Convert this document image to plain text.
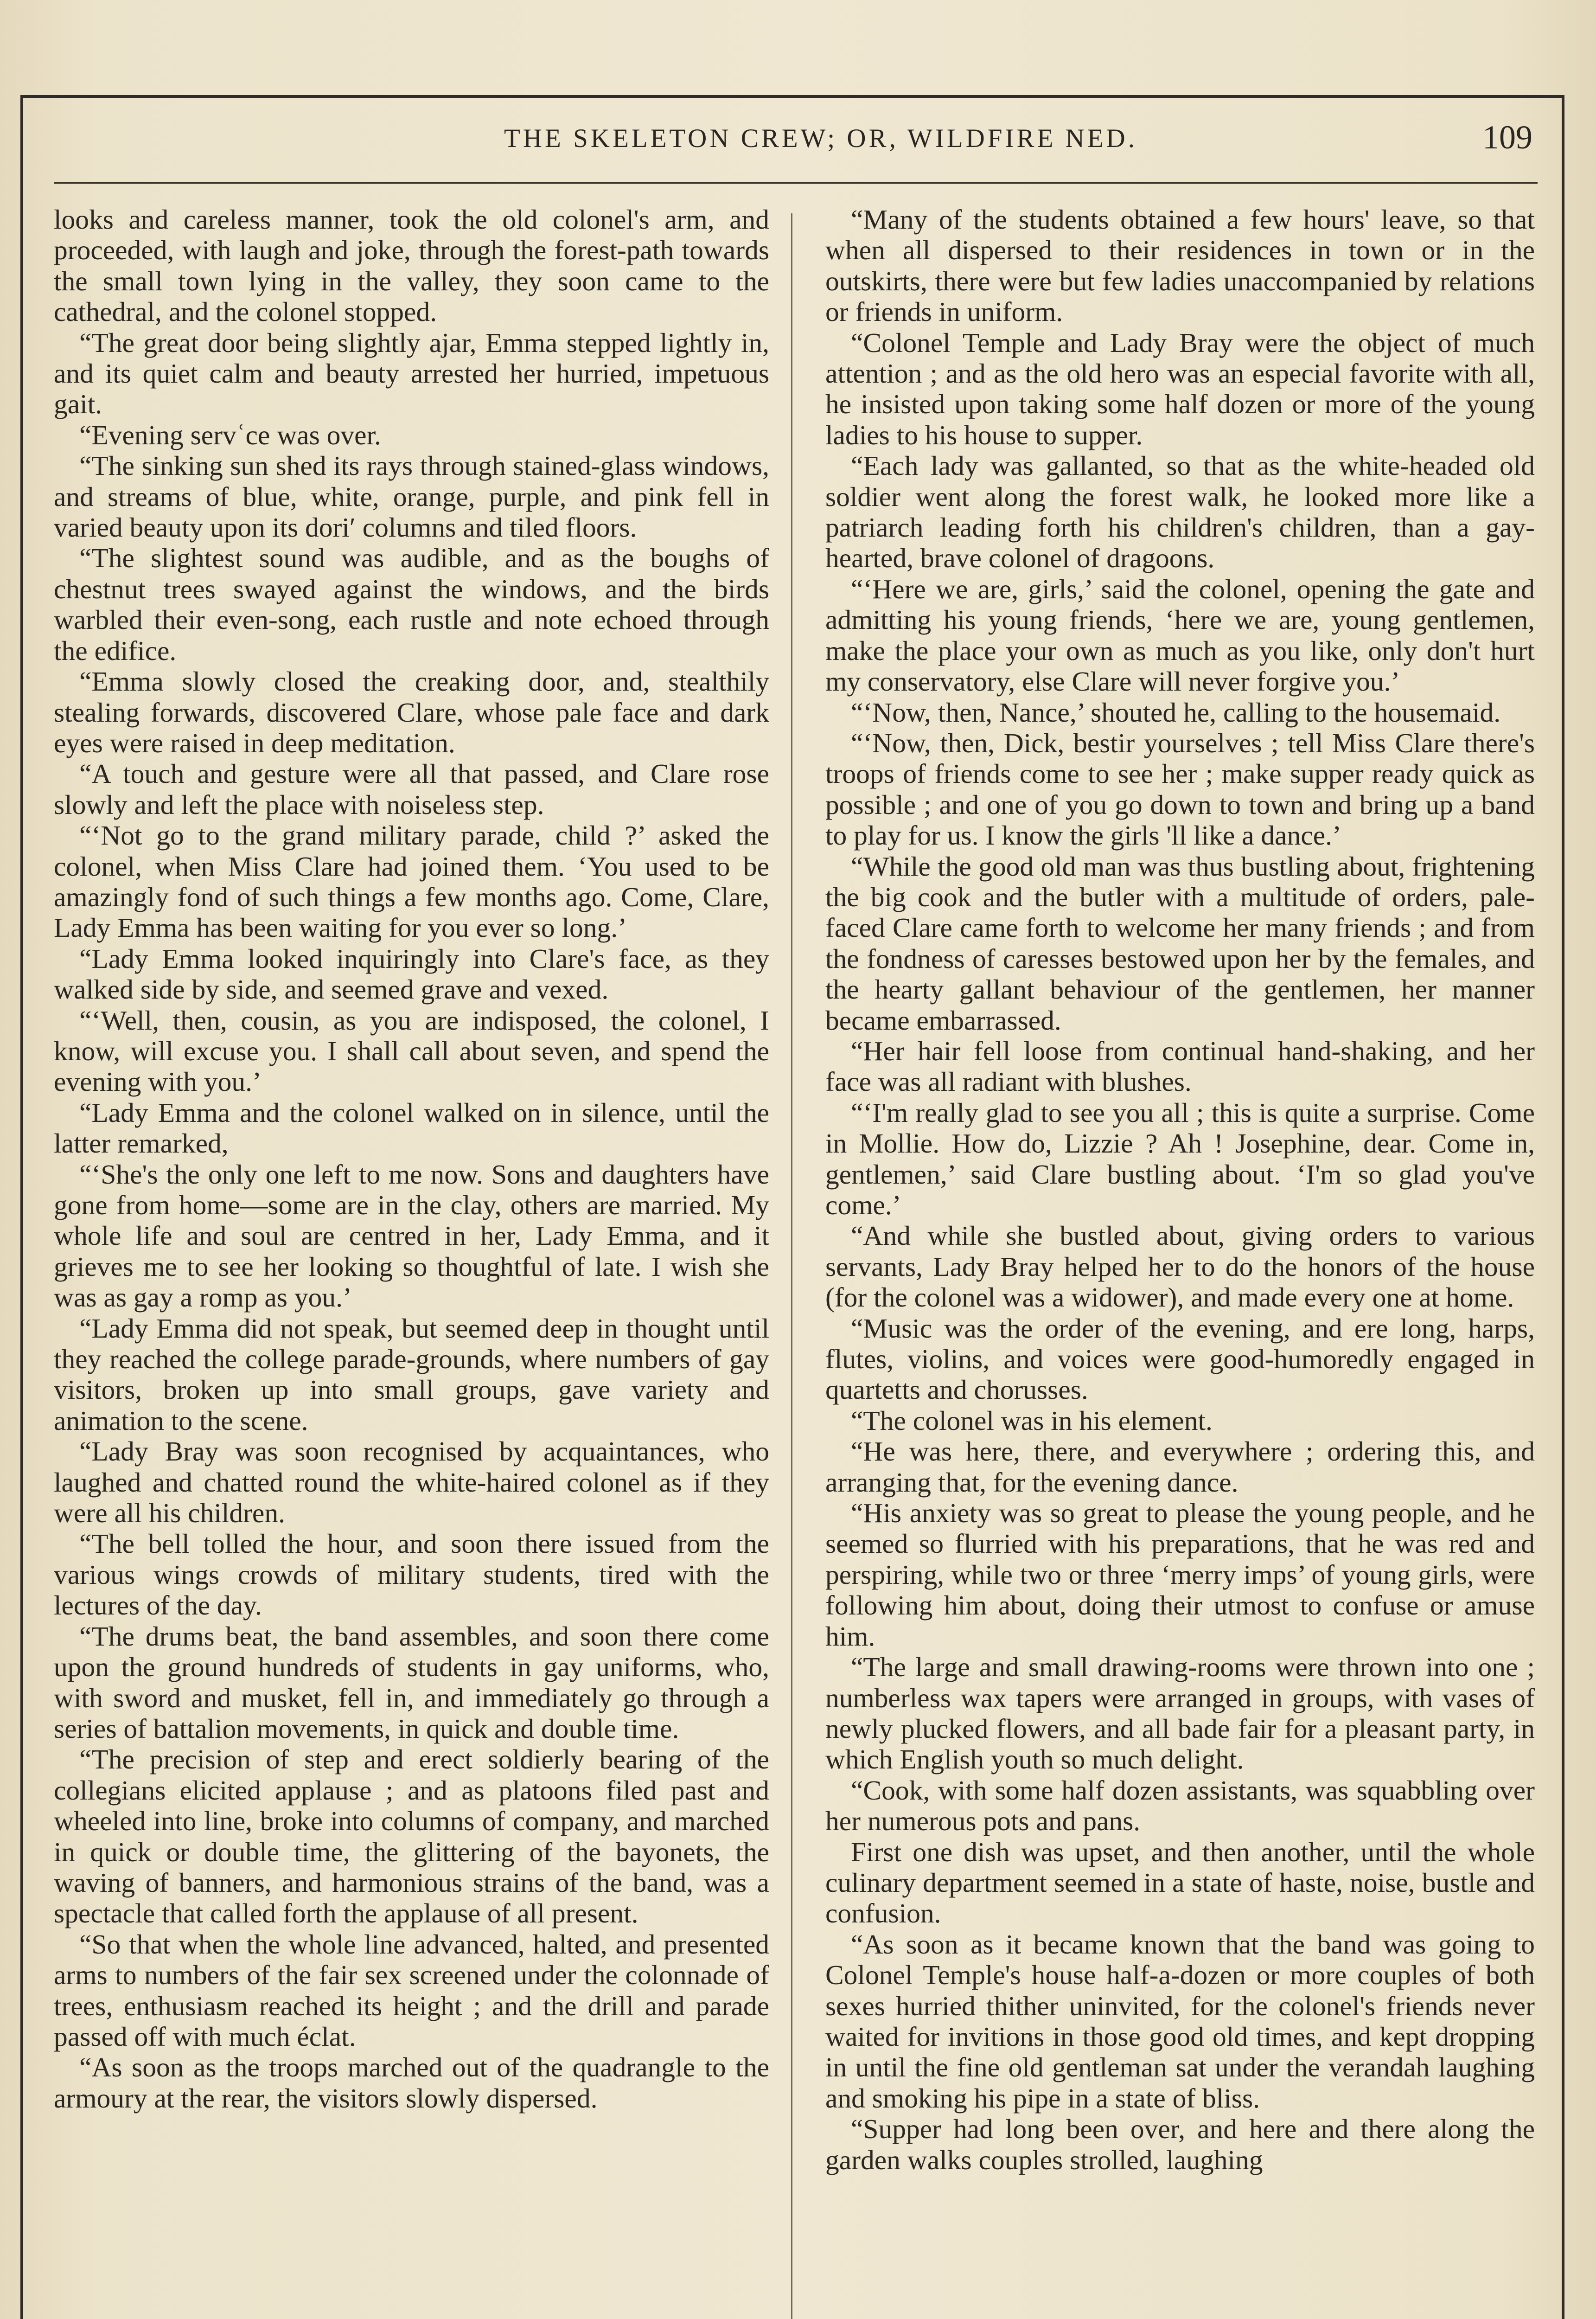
THE SKELETON CREW; OR, WILDFIRE NED.	109

looks and careless manner, took the old colonel's arm, and proceeded, with laugh and joke, through the forest-path towards the small town lying in the valley, they soon came to the cathedral, and the colonel stopped.

“The great door being slightly ajar, Emma stepped lightly in, and its quiet calm and beauty arrested her hurried, impetuous gait.

“Evening servʿce was over.

“The sinking sun shed its rays through stained-glass windows, and streams of blue, white, orange, purple, and pink fell in varied beauty upon its dori′ columns and tiled floors.

“The slightest sound was audible, and as the boughs of chestnut trees swayed against the windows, and the birds warbled their even-song, each rustle and note echoed through the edifice.

“Emma slowly closed the creaking door, and, stealthily stealing forwards, discovered Clare, whose pale face and dark eyes were raised in deep meditation.

“A touch and gesture were all that passed, and Clare rose slowly and left the place with noiseless step.

“‘Not go to the grand military parade, child ?’ asked the colonel, when Miss Clare had joined them. ‘You used to be amazingly fond of such things a few months ago. Come, Clare, Lady Emma has been waiting for you ever so long.’

“Lady Emma looked inquiringly into Clare's face, as they walked side by side, and seemed grave and vexed.

“‘Well, then, cousin, as you are indisposed, the colonel, I know, will excuse you. I shall call about seven, and spend the evening with you.’

“Lady Emma and the colonel walked on in silence, until the latter remarked,

“‘She's the only one left to me now. Sons and daughters have gone from home—some are in the clay, others are married. My whole life and soul are centred in her, Lady Emma, and it grieves me to see her looking so thoughtful of late. I wish she was as gay a romp as you.’

“Lady Emma did not speak, but seemed deep in thought until they reached the college parade-grounds, where numbers of gay visitors, broken up into small groups, gave variety and animation to the scene.

“Lady Bray was soon recognised by acquaintances, who laughed and chatted round the white-haired colonel as if they were all his children.

“The bell tolled the hour, and soon there issued from the various wings crowds of military students, tired with the lectures of the day.

“The drums beat, the band assembles, and soon there come upon the ground hundreds of students in gay uniforms, who, with sword and musket, fell in, and immediately go through a series of battalion movements, in quick and double time.

“The precision of step and erect soldierly bearing of the collegians elicited applause ; and as platoons filed past and wheeled into line, broke into columns of company, and marched in quick or double time, the glittering of the bayonets, the waving of banners, and harmonious strains of the band, was a spectacle that called forth the applause of all present.

“So that when the whole line advanced, halted, and presented arms to numbers of the fair sex screened under the colonnade of trees, enthusiasm reached its height ; and the drill and parade passed off with much éclat.

“As soon as the troops marched out of the quadrangle to the armoury at the rear, the visitors slowly dispersed.

“Many of the students obtained a few hours' leave, so that when all dispersed to their residences in town or in the outskirts, there were but few ladies unaccompanied by relations or friends in uniform.

“Colonel Temple and Lady Bray were the object of much attention ; and as the old hero was an especial favorite with all, he insisted upon taking some half dozen or more of the young ladies to his house to supper.

“Each lady was gallanted, so that as the white-headed old soldier went along the forest walk, he looked more like a patriarch leading forth his children's children, than a gay-hearted, brave colonel of dragoons.

“‘Here we are, girls,’ said the colonel, opening the gate and admitting his young friends, ‘here we are, young gentlemen, make the place your own as much as you like, only don't hurt my conservatory, else Clare will never forgive you.’

“‘Now, then, Nance,’ shouted he, calling to the housemaid.

“‘Now, then, Dick, bestir yourselves ; tell Miss Clare there's troops of friends come to see her ; make supper ready quick as possible ; and one of you go down to town and bring up a band to play for us. I know the girls 'll like a dance.’

“While the good old man was thus bustling about, frightening the big cook and the butler with a multitude of orders, pale-faced Clare came forth to welcome her many friends ; and from the fondness of caresses bestowed upon her by the females, and the hearty gallant behaviour of the gentlemen, her manner became embarrassed.

“Her hair fell loose from continual hand-shaking, and her face was all radiant with blushes.

“‘I'm really glad to see you all ; this is quite a surprise. Come in Mollie. How do, Lizzie ? Ah ! Josephine, dear. Come in, gentlemen,’ said Clare bustling about. ‘I'm so glad you've come.’

“And while she bustled about, giving orders to various servants, Lady Bray helped her to do the honors of the house (for the colonel was a widower), and made every one at home.

“Music was the order of the evening, and ere long, harps, flutes, violins, and voices were good-humoredly engaged in quartetts and chorusses.

“The colonel was in his element.

“He was here, there, and everywhere ; ordering this, and arranging that, for the evening dance.

“His anxiety was so great to please the young people, and he seemed so flurried with his preparations, that he was red and perspiring, while two or three ‘merry imps’ of young girls, were following him about, doing their utmost to confuse or amuse him.

“The large and small drawing-rooms were thrown into one ; numberless wax tapers were arranged in groups, with vases of newly plucked flowers, and all bade fair for a pleasant party, in which English youth so much delight.

“Cook, with some half dozen assistants, was squabbling over her numerous pots and pans.

First one dish was upset, and then another, until the whole culinary department seemed in a state of haste, noise, bustle and confusion.

“As soon as it became known that the band was going to Colonel Temple's house half-a-dozen or more couples of both sexes hurried thither uninvited, for the colonel's friends never waited for invitions in those good old times, and kept dropping in until the fine old gentleman sat under the verandah laughing and smoking his pipe in a state of bliss.

“Supper had long been over, and here and there along the garden walks couples strolled, laughing
